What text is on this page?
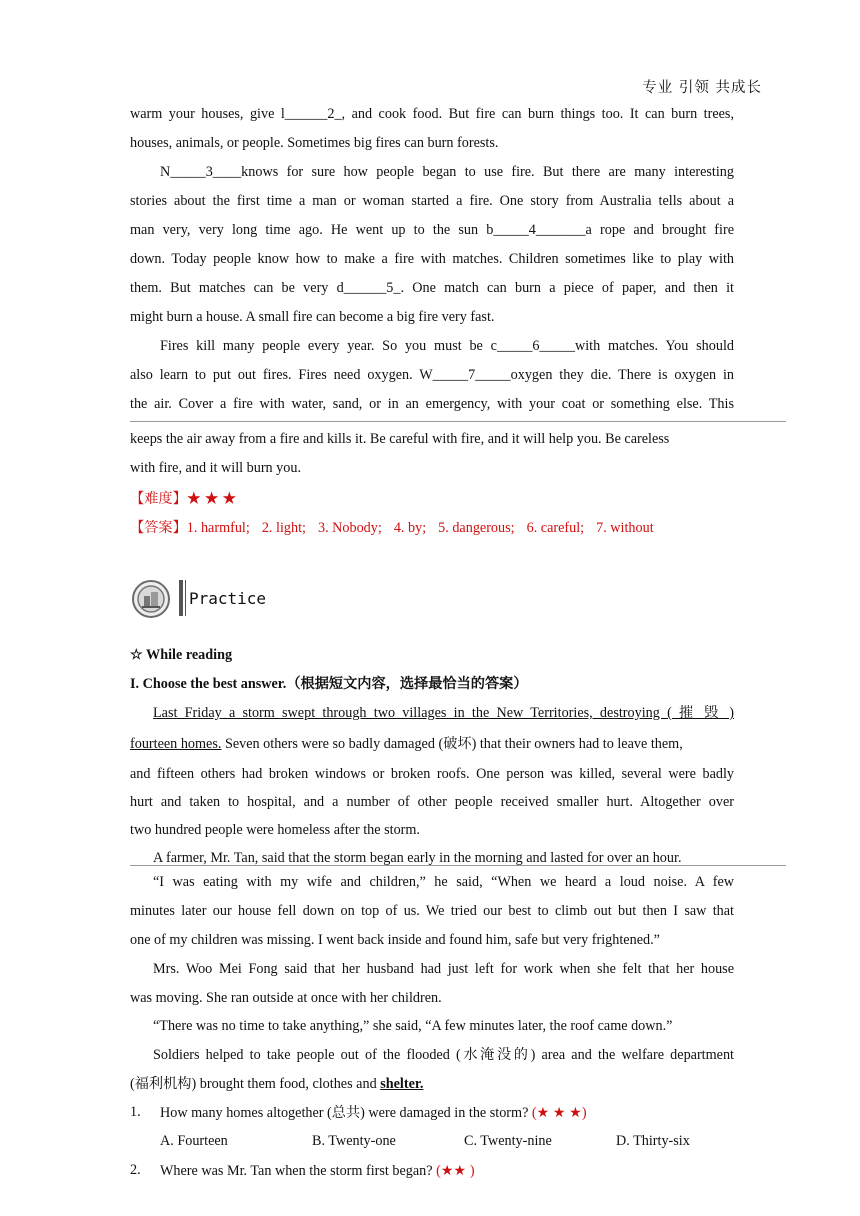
专业 引领 共成长
warm your houses, give l______2_, and cook food. But fire can burn things too. It can burn trees,
houses, animals, or people. Sometimes big fires can burn forests.
N_____3____knows for sure how people began to use fire. But there are many interesting
stories about the first time a man or woman started a fire. One story from Australia tells about a
man very, very long time ago. He went up to the sun b_____4_______a rope and brought fire
down. Today people know how to make a fire with matches. Children sometimes like to play with
them. But matches can be very d______5_. One match can burn a piece of paper, and then it
might burn a house. A small fire can become a big fire very fast.
Fires kill many people every year. So you must be c_____6_____with matches. You should
also learn to put out fires. Fires need oxygen. W_____7_____oxygen they die. There is oxygen in
the air. Cover a fire with water, sand, or in an emergency, with your coat or something else. This
keeps the air away from a fire and kills it. Be careful with fire, and it will help you. Be careless
with fire, and it will burn you.
【难度】★ ★ ★
【答案】1. harmful; 2. light; 3. Nobody; 4. by; 5. dangerous; 6. careful; 7. without
Practice
☆ While reading
I. Choose the best answer.（根据短文内容，选择最恰当的答案）
Last Friday a storm swept through two villages in the New Territories, destroying ( 摧 毁 )
fourteen homes. Seven others were so badly damaged (破坏) that their owners had to leave them,
and fifteen others had broken windows or broken roofs. One person was killed, several were badly
hurt and taken to hospital, and a number of other people received smaller hurt. Altogether over
two hundred people were homeless after the storm.
A farmer, Mr. Tan, said that the storm began early in the morning and lasted for over an hour.
“I was eating with my wife and children,” he said, “When we heard a loud noise. A few
minutes later our house fell down on top of us. We tried our best to climb out but then I saw that
one of my children was missing. I went back inside and found him, safe but very frightened.”
Mrs. Woo Mei Fong said that her husband had just left for work when she felt that her house
was moving. She ran outside at once with her children.
“There was no time to take anything,” she said, “A few minutes later, the roof came down.”
Soldiers helped to take people out of the flooded (水淹没的) area and the welfare department
(福利机构) brought them food, clothes and shelter.
1. How many homes altogether (总共) were damaged in the storm? (★ ★ ★)
A. Fourteen	B. Twenty-one	C. Twenty-nine	D. Thirty-six
2. Where was Mr. Tan when the storm first began? (★★ )
